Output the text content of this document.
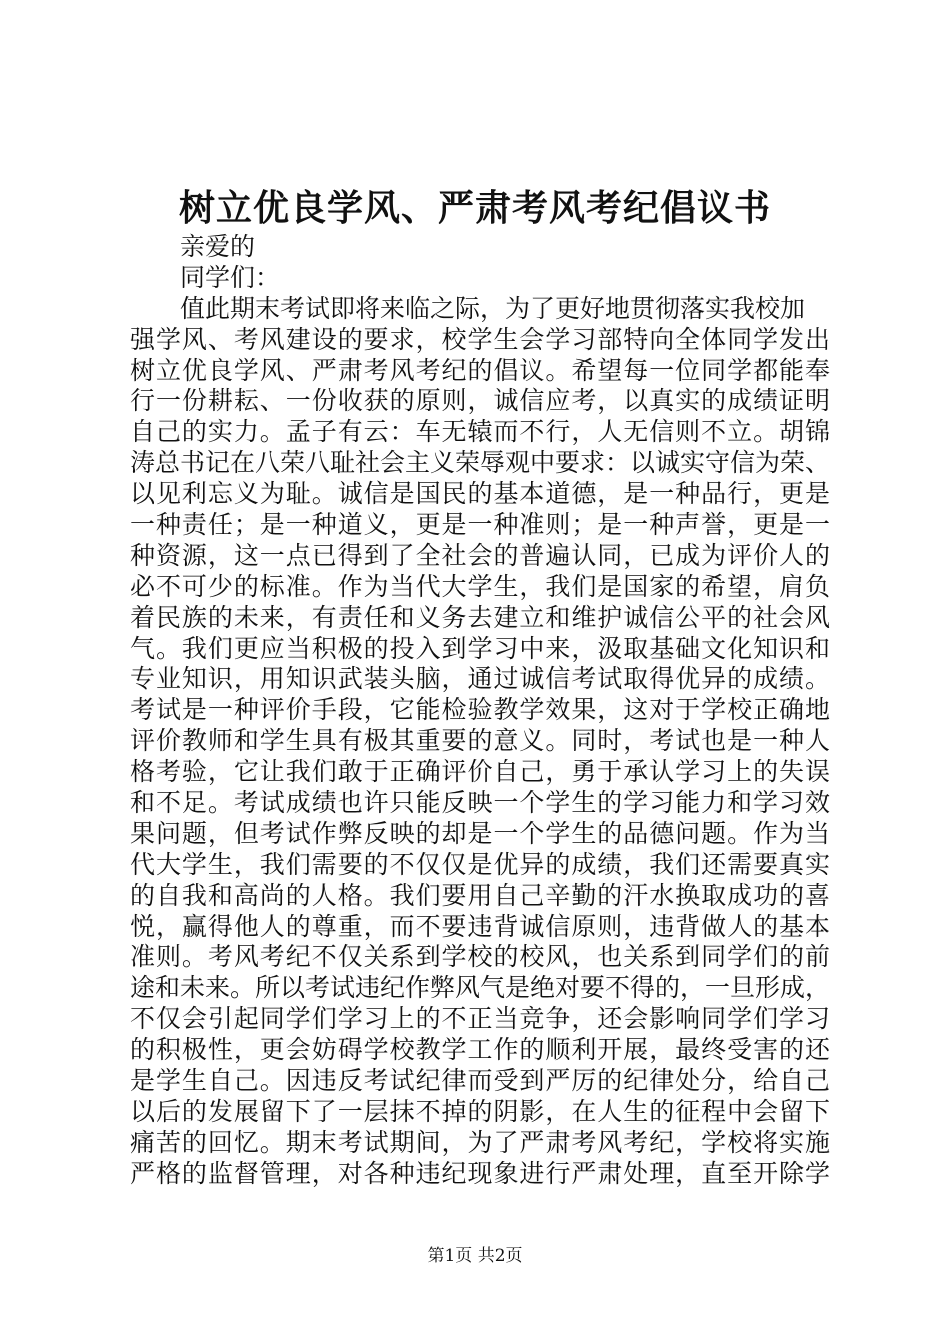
树立优良学风、严肃考风考纪倡议书
亲爱的
同学们：
值此期末考试即将来临之际，为了更好地贯彻落实我校加
强学风、考风建设的要求，校学生会学习部特向全体同学发出
树立优良学风、严肃考风考纪的倡议。希望每一位同学都能奉
行一份耕耘、一份收获的原则，诚信应考，以真实的成绩证明
自己的实力。孟子有云：车无辕而不行，人无信则不立。胡锦
涛总书记在八荣八耻社会主义荣辱观中要求：以诚实守信为荣、
以见利忘义为耻。诚信是国民的基本道德，是一种品行，更是
一种责任；是一种道义，更是一种准则；是一种声誉，更是一
种资源，这一点已得到了全社会的普遍认同，已成为评价人的
必不可少的标准。作为当代大学生，我们是国家的希望，肩负
着民族的未来，有责任和义务去建立和维护诚信公平的社会风
气。我们更应当积极的投入到学习中来，汲取基础文化知识和
专业知识，用知识武装头脑，通过诚信考试取得优异的成绩。
考试是一种评价手段，它能检验教学效果，这对于学校正确地
评价教师和学生具有极其重要的意义。同时，考试也是一种人
格考验，它让我们敢于正确评价自己，勇于承认学习上的失误
和不足。考试成绩也许只能反映一个学生的学习能力和学习效
果问题，但考试作弊反映的却是一个学生的品德问题。作为当
代大学生，我们需要的不仅仅是优异的成绩，我们还需要真实
的自我和高尚的人格。我们要用自己辛勤的汗水换取成功的喜
悦，赢得他人的尊重，而不要违背诚信原则，违背做人的基本
准则。考风考纪不仅关系到学校的校风，也关系到同学们的前
途和未来。所以考试违纪作弊风气是绝对要不得的，一旦形成，
不仅会引起同学们学习上的不正当竞争，还会影响同学们学习
的积极性，更会妨碍学校教学工作的顺利开展，最终受害的还
是学生自己。因违反考试纪律而受到严厉的纪律处分，给自己
以后的发展留下了一层抹不掉的阴影，在人生的征程中会留下
痛苦的回忆。期末考试期间，为了严肃考风考纪，学校将实施
严格的监督管理，对各种违纪现象进行严肃处理，直至开除学
第1页 共2页
